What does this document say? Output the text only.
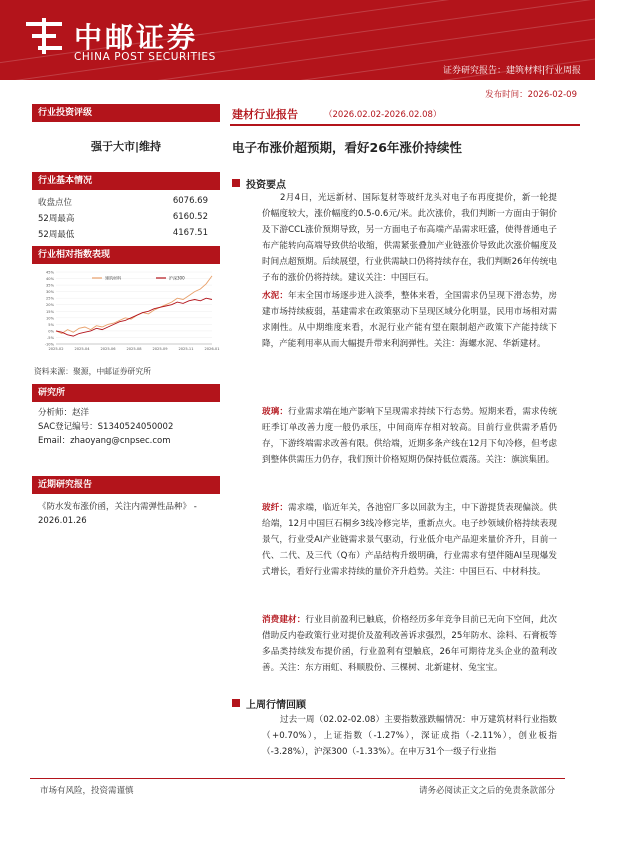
中邮证券
CHINA POST SECURITIES
证券研究报告：建筑材料|行业周报
发布时间：2026-02-09
行业投资评级
强于大市|维持
行业基本情况
收盘点位	6076.69
52周最高	6160.52
52周最低	4167.51
行业相对指数表现
-10%
-5%
0%
5%
10%
15%
20%
25%
30%
35%
40%
45%
2025-02	2025-04	2025-06	2025-08	2025-09	2025-11	2026-01
建筑材料	沪深300
资料来源：聚源，中邮证券研究所
研究所
分析师：赵洋
SAC登记编号：S1340524050002
Email：zhaoyang@cnpsec.com
近期研究报告
《防水发布涨价函，关注内需弹性品种》 - 2026.01.26
建材行业报告	（2026.02.02-2026.02.08）
电子布涨价超预期，看好26年涨价持续性
投资要点
2月4日，光远新材、国际复材等玻纤龙头对电子布再度提价，新一轮提价幅度较大，涨价幅度约0.5-0.6元/米。此次涨价，我们判断一方面由于铜价及下游CCL涨价预期导致，另一方面电子布高端产品需求旺盛，使得普通电子布产能转向高端导致供给收缩，供需紧张叠加产业链涨价导致此次涨价幅度及时间点超预期。后续展望，行业供需缺口仍将持续存在，我们判断26年传统电子布的涨价仍将持续。建议关注：中国巨石。
水泥：年末全国市场逐步进入淡季，整体来看，全国需求仍呈现下滑态势，房建市场持续疲弱，基建需求在政策驱动下呈现区域分化明显，民用市场相对需求刚性。从中期维度来看，水泥行业产能有望在限制超产政策下产能持续下降，产能利用率从而大幅提升带来利润弹性。关注：海螺水泥、华新建材。
玻璃：行业需求端在地产影响下呈现需求持续下行态势。短期来看，需求传统旺季订单改善力度一般仍承压，中间商库存相对较高。目前行业供需矛盾仍存，下游终端需求改善有限。供给端，近期多条产线在12月下旬冷修，但考虑到整体供需压力仍存，我们预计价格短期仍保持低位震荡。关注：旗滨集团。
玻纤：需求端，临近年关，各池窑厂多以回款为主，中下游提货表现偏淡。供给端，12月中国巨石桐乡3线冷修完毕，重新点火。电子纱领域价格持续表现景气，行业受AI产业链需求景气驱动，行业低介电产品迎来量价齐升，目前一代、二代、及三代（Q布）产品结构升级明确，行业需求有望伴随AI呈现爆发式增长，看好行业需求持续的量价齐升趋势。关注：中国巨石、中材科技。
消费建材：行业目前盈利已触底，价格经历多年竞争目前已无向下空间，此次借助反内卷政策行业对提价及盈利改善诉求强烈，25年防水、涂料、石膏板等多品类持续发布提价函，行业盈利有望触底，26年可期待龙头企业的盈利改善。关注：东方雨虹、科顺股份、三棵树、北新建材、兔宝宝。
上周行情回顾
过去一周（02.02-02.08）主要指数涨跌幅情况：申万建筑材料行业指数（+0.70%），上证指数（-1.27%），深证成指（-2.11%），创业板指（-3.28%），沪深300（-1.33%）。在申万31个一级子行业指
市场有风险，投资需谨慎	请务必阅读正文之后的免责条款部分
